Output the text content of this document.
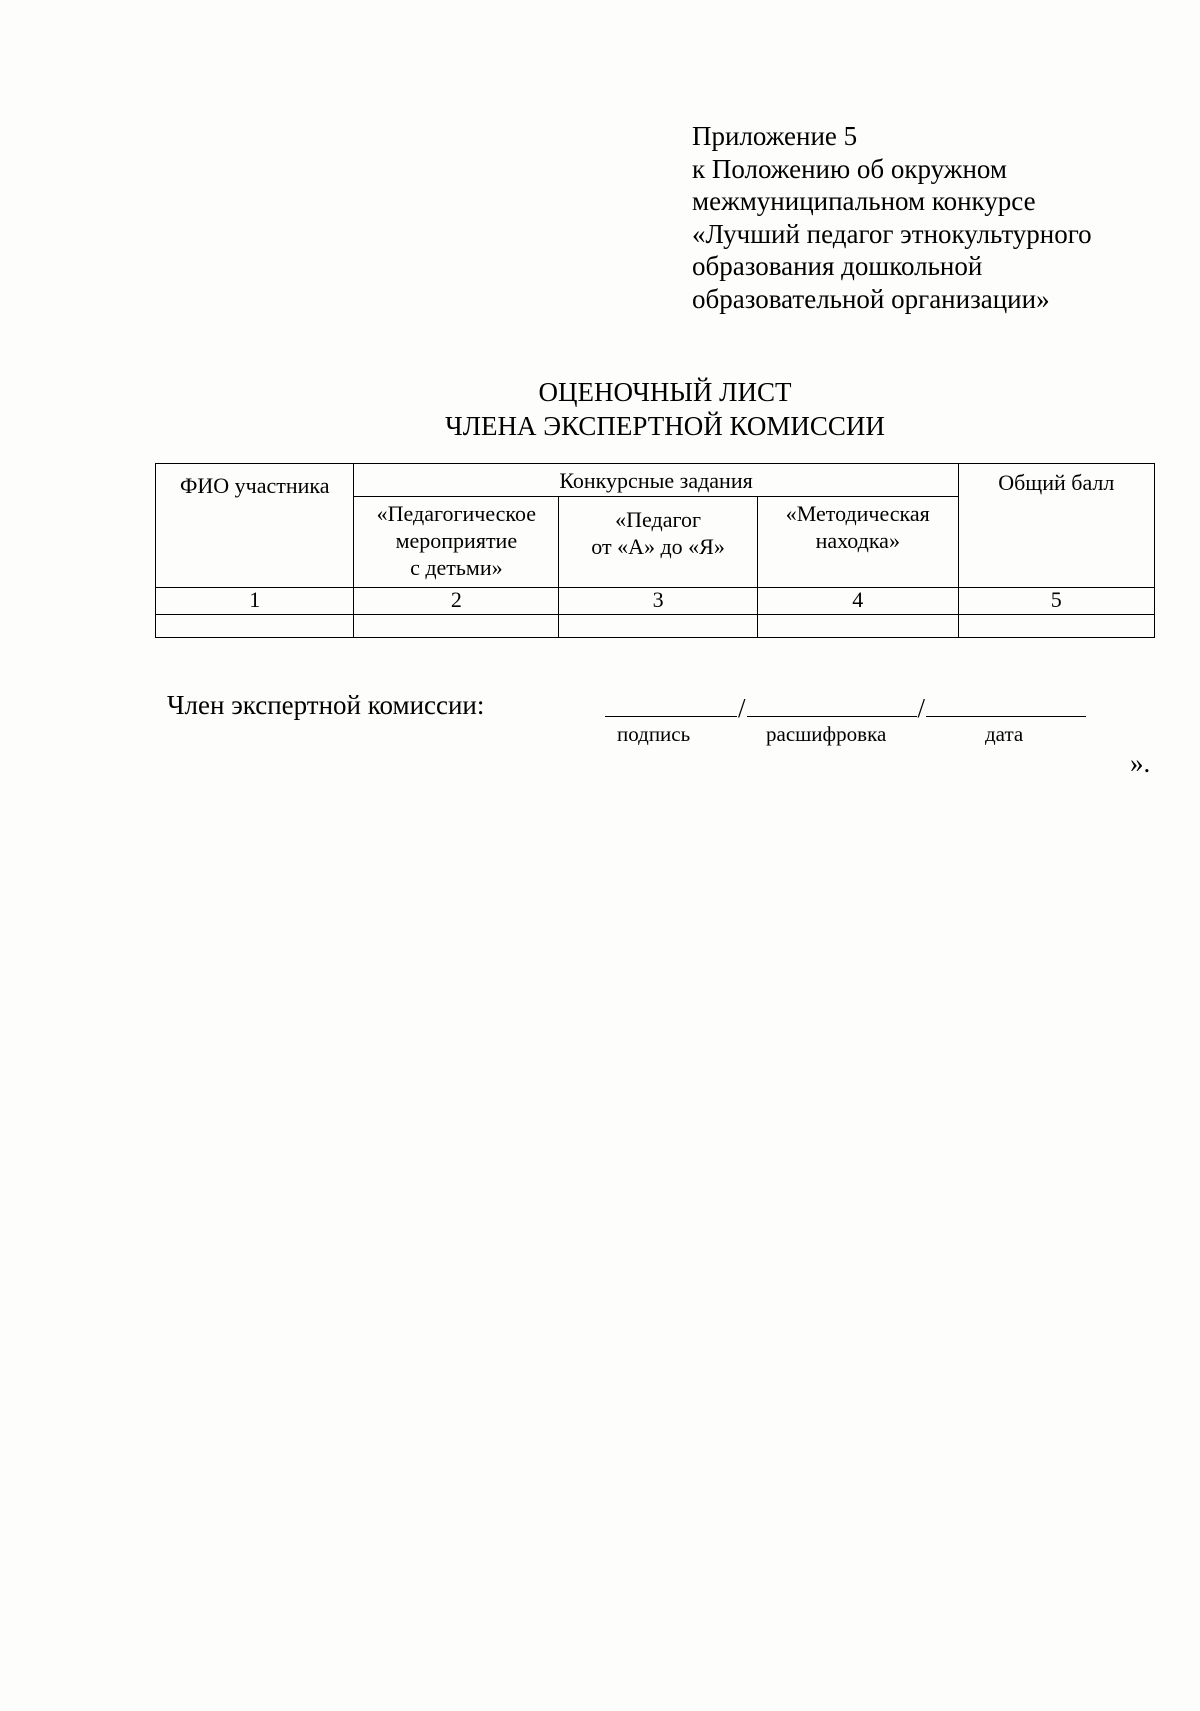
Приложение 5
к Положению об окружном
межмуниципальном конкурсе
«Лучший педагог этнокультурного
образования дошкольной
образовательной организации»
ОЦЕНОЧНЫЙ ЛИСТ
ЧЛЕНА ЭКСПЕРТНОЙ КОМИССИИ
ФИО участника	Конкурсные задания			Общий балл

	«Педагогическое
мероприятие
с детьми»	«Педагог
от «А» до «Я»	«Методическая
находка»	

1	2	3	4	5

Член экспертной комиссии:	/	/
подпись	расшифровка	дата
».
